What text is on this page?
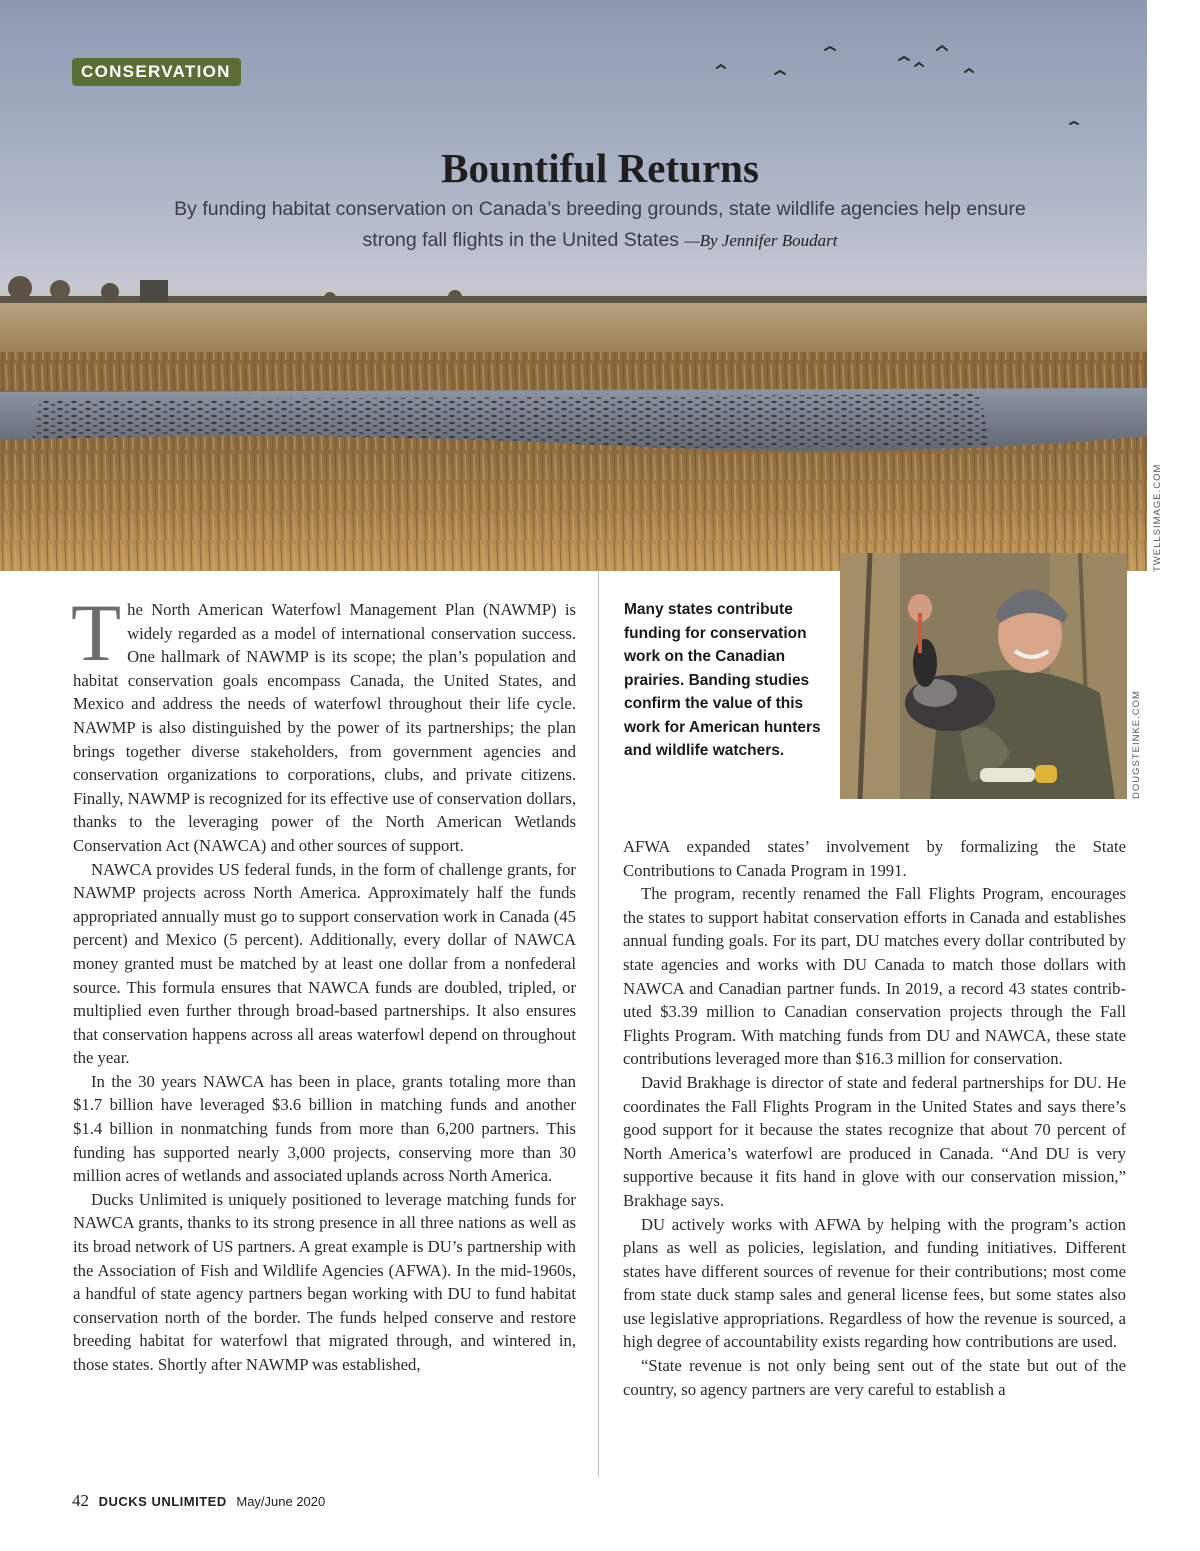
CONSERVATION
Bountiful Returns
By funding habitat conservation on Canada’s breeding grounds, state wildlife agencies help ensure strong fall flights in the United States —By Jennifer Boudart
TWELLSIMAGE.COM
DOUGSTEINKE.COM
Many states contribute funding for conservation work on the Canadian prairies. Banding studies confirm the value of this work for American hunters and wildlife watchers.

The North American Waterfowl Management Plan (NAWMP) is widely regarded as a model of international conservation success. One hallmark of NAWMP is its scope; the plan’s population and habitat conservation goals encompass Canada, the United States, and Mexico and address the needs of waterfowl throughout their life cycle. NAWMP is also distinguished by the power of its partnerships; the plan brings together diverse stakeholders, from government agencies and conservation organizations to corporations, clubs, and private citizens. Finally, NAWMP is recognized for its effective use of conservation dollars, thanks to the leveraging power of the North American Wetlands Conservation Act (NAWCA) and other sources of support.

NAWCA provides US federal funds, in the form of challenge grants, for NAWMP projects across North America. Approximately half the funds appropriated annually must go to support conservation work in Canada (45 percent) and Mexico (5 percent). Additionally, every dollar of NAWCA money granted must be matched by at least one dollar from a nonfederal source. This formula ensures that NAWCA funds are doubled, tripled, or multiplied even further through broad-based partnerships. It also ensures that conservation happens across all areas waterfowl depend on throughout the year.

In the 30 years NAWCA has been in place, grants totaling more than $1.7 billion have leveraged $3.6 billion in matching funds and another $1.4 billion in nonmatching funds from more than 6,200 partners. This funding has supported nearly 3,000 projects, conserving more than 30 million acres of wetlands and associated uplands across North America.

Ducks Unlimited is uniquely positioned to leverage matching funds for NAWCA grants, thanks to its strong presence in all three nations as well as its broad network of US partners. A great example is DU’s partnership with the Association of Fish and Wildlife Agencies (AFWA). In the mid-1960s, a handful of state agency partners began working with DU to fund habitat conservation north of the border. The funds helped conserve and restore breeding habitat for waterfowl that migrated through, and wintered in, those states. Shortly after NAWMP was established,

AFWA expanded states’ involvement by formalizing the State Contributions to Canada Program in 1991.

The program, recently renamed the Fall Flights Program, encourages the states to support habitat conservation efforts in Canada and establishes annual funding goals. For its part, DU matches every dollar contributed by state agencies and works with DU Canada to match those dollars with NAWCA and Canadian partner funds. In 2019, a record 43 states contributed $3.39 million to Canadian conservation projects through the Fall Flights Program. With matching funds from DU and NAWCA, these state contributions leveraged more than $16.3 million for conservation.

David Brakhage is director of state and federal partnerships for DU. He coordinates the Fall Flights Program in the United States and says there’s good support for it because the states recognize that about 70 percent of North America’s waterfowl are produced in Canada. “And DU is very supportive because it fits hand in glove with our conservation mission,” Brakhage says.

DU actively works with AFWA by helping with the program’s action plans as well as policies, legislation, and funding initiatives. Different states have different sources of revenue for their contributions; most come from state duck stamp sales and general license fees, but some states also use legislative appropriations. Regardless of how the revenue is sourced, a high degree of accountability exists regarding how contributions are used.

“State revenue is not only being sent out of the state but out of the country, so agency partners are very careful to establish a

42 DUCKS UNLIMITED May/June 2020
